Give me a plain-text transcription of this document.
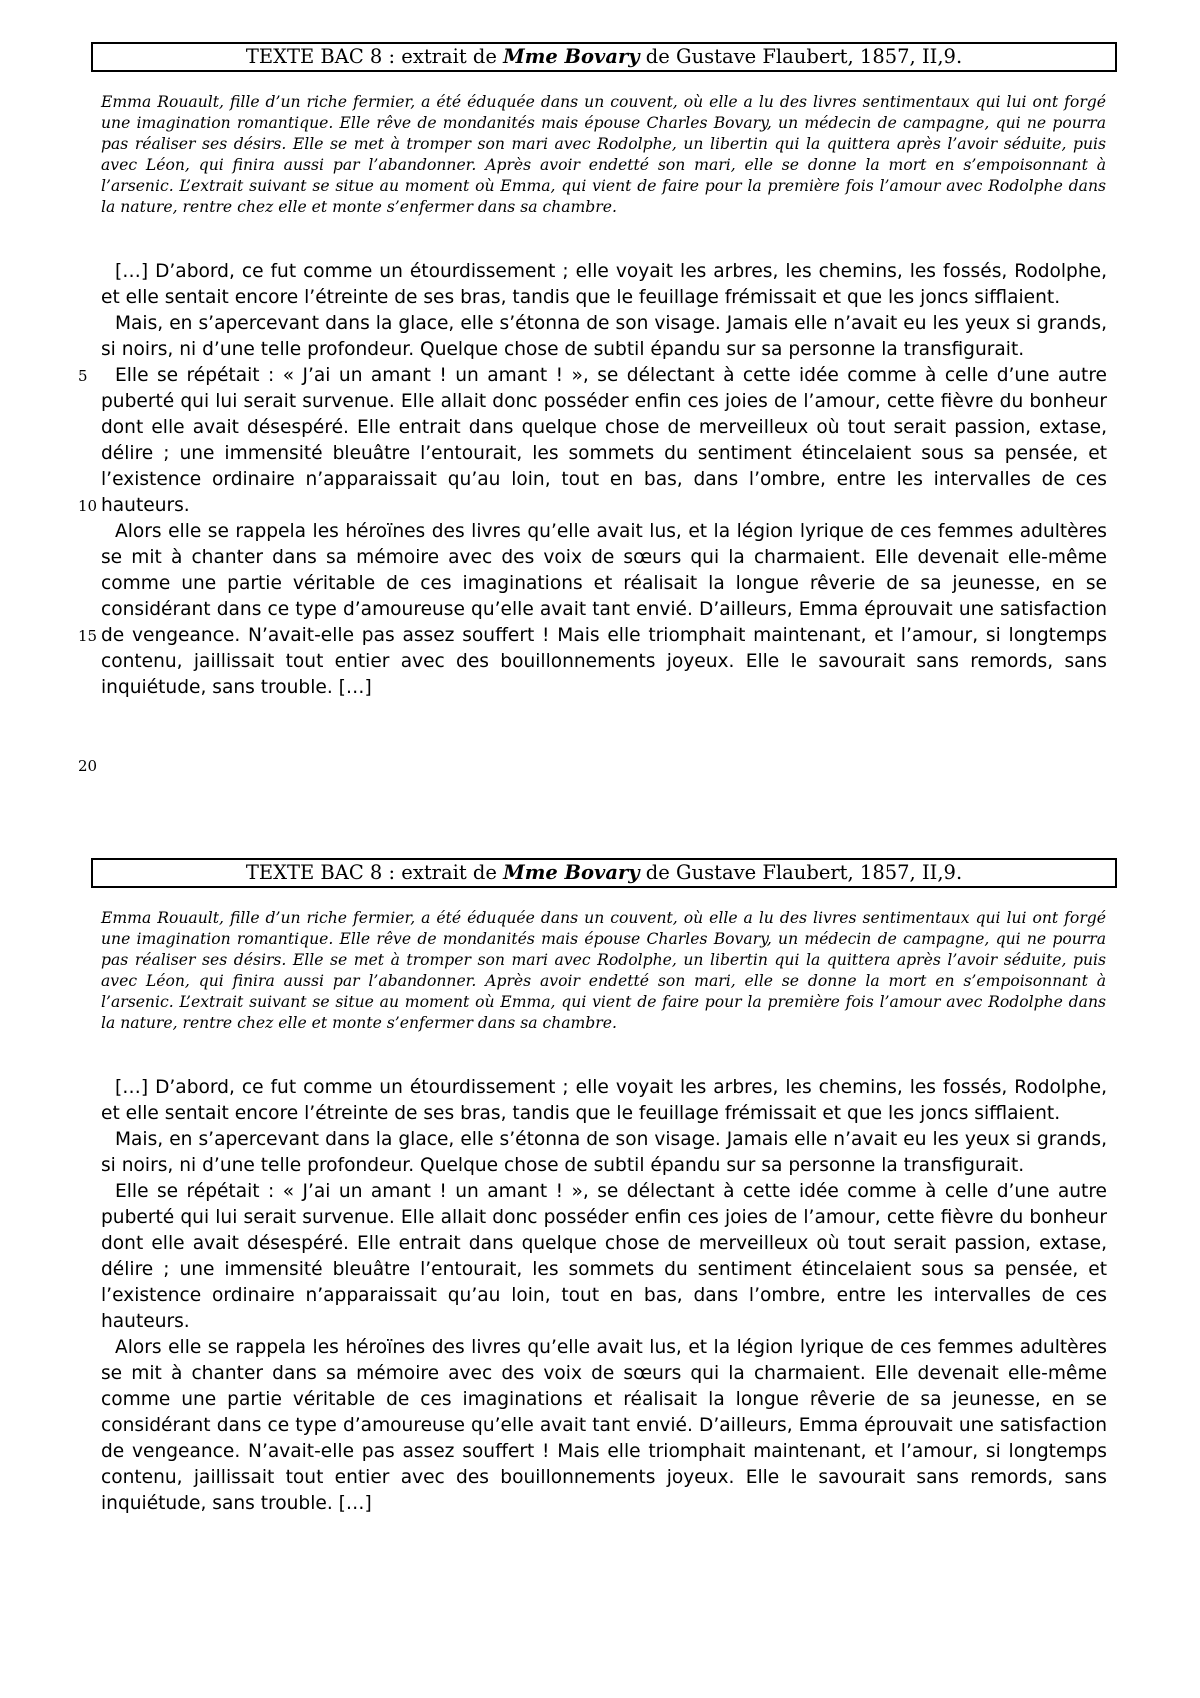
TEXTE BAC 8 : extrait de Mme Bovary de Gustave Flaubert, 1857, II,9.

Emma Rouault, fille d’un riche fermier, a été éduquée dans un couvent, où elle a lu des livres sentimentaux qui lui ont forgé une imagination romantique. Elle rêve de mondanités mais épouse Charles Bovary, un médecin de campagne, qui ne pourra pas réaliser ses désirs. Elle se met à tromper son mari avec Rodolphe, un libertin qui la quittera après l’avoir séduite, puis avec Léon, qui finira aussi par l’abandonner. Après avoir endetté son mari, elle se donne la mort en s’empoisonnant à l’arsenic. L’extrait suivant se situe au moment où Emma, qui vient de faire pour la première fois l’amour avec Rodolphe dans la nature, rentre chez elle et monte s’enfermer dans sa chambre.

[…] D’abord, ce fut comme un étourdissement ; elle voyait les arbres, les chemins, les fossés, Rodolphe, et elle sentait encore l’étreinte de ses bras, tandis que le feuillage frémissait et que les joncs sifflaient.

Mais, en s’apercevant dans la glace, elle s’étonna de son visage. Jamais elle n’avait eu les yeux si grands, si noirs, ni d’une telle profondeur. Quelque chose de subtil épandu sur sa personne la transfigurait.

Elle se répétait : « J’ai un amant ! un amant ! », se délectant à cette idée comme à celle d’une autre puberté qui lui serait survenue. Elle allait donc posséder enfin ces joies de l’amour, cette fièvre du bonheur dont elle avait désespéré. Elle entrait dans quelque chose de merveilleux où tout serait passion, extase, délire ; une immensité bleuâtre l’entourait, les sommets du sentiment étincelaient sous sa pensée, et l’existence ordinaire n’apparaissait qu’au loin, tout en bas, dans l’ombre, entre les intervalles de ces hauteurs.

Alors elle se rappela les héroïnes des livres qu’elle avait lus, et la légion lyrique de ces femmes adultères se mit à chanter dans sa mémoire avec des voix de sœurs qui la charmaient. Elle devenait elle-même comme une partie véritable de ces imaginations et réalisait la longue rêverie de sa jeunesse, en se considérant dans ce type d’amoureuse qu’elle avait tant envié. D’ailleurs, Emma éprouvait une satisfaction de vengeance. N’avait-elle pas assez souffert ! Mais elle triomphait maintenant, et l’amour, si longtemps contenu, jaillissait tout entier avec des bouillonnements joyeux. Elle le savourait sans remords, sans inquiétude, sans trouble. […]

5
10
15
20
TEXTE BAC 8 : extrait de Mme Bovary de Gustave Flaubert, 1857, II,9.

Emma Rouault, fille d’un riche fermier, a été éduquée dans un couvent, où elle a lu des livres sentimentaux qui lui ont forgé une imagination romantique. Elle rêve de mondanités mais épouse Charles Bovary, un médecin de campagne, qui ne pourra pas réaliser ses désirs. Elle se met à tromper son mari avec Rodolphe, un libertin qui la quittera après l’avoir séduite, puis avec Léon, qui finira aussi par l’abandonner. Après avoir endetté son mari, elle se donne la mort en s’empoisonnant à l’arsenic. L’extrait suivant se situe au moment où Emma, qui vient de faire pour la première fois l’amour avec Rodolphe dans la nature, rentre chez elle et monte s’enfermer dans sa chambre.

[…] D’abord, ce fut comme un étourdissement ; elle voyait les arbres, les chemins, les fossés, Rodolphe, et elle sentait encore l’étreinte de ses bras, tandis que le feuillage frémissait et que les joncs sifflaient.

Mais, en s’apercevant dans la glace, elle s’étonna de son visage. Jamais elle n’avait eu les yeux si grands, si noirs, ni d’une telle profondeur. Quelque chose de subtil épandu sur sa personne la transfigurait.

Elle se répétait : « J’ai un amant ! un amant ! », se délectant à cette idée comme à celle d’une autre puberté qui lui serait survenue. Elle allait donc posséder enfin ces joies de l’amour, cette fièvre du bonheur dont elle avait désespéré. Elle entrait dans quelque chose de merveilleux où tout serait passion, extase, délire ; une immensité bleuâtre l’entourait, les sommets du sentiment étincelaient sous sa pensée, et l’existence ordinaire n’apparaissait qu’au loin, tout en bas, dans l’ombre, entre les intervalles de ces hauteurs.

Alors elle se rappela les héroïnes des livres qu’elle avait lus, et la légion lyrique de ces femmes adultères se mit à chanter dans sa mémoire avec des voix de sœurs qui la charmaient. Elle devenait elle-même comme une partie véritable de ces imaginations et réalisait la longue rêverie de sa jeunesse, en se considérant dans ce type d’amoureuse qu’elle avait tant envié. D’ailleurs, Emma éprouvait une satisfaction de vengeance. N’avait-elle pas assez souffert ! Mais elle triomphait maintenant, et l’amour, si longtemps contenu, jaillissait tout entier avec des bouillonnements joyeux. Elle le savourait sans remords, sans inquiétude, sans trouble. […]
